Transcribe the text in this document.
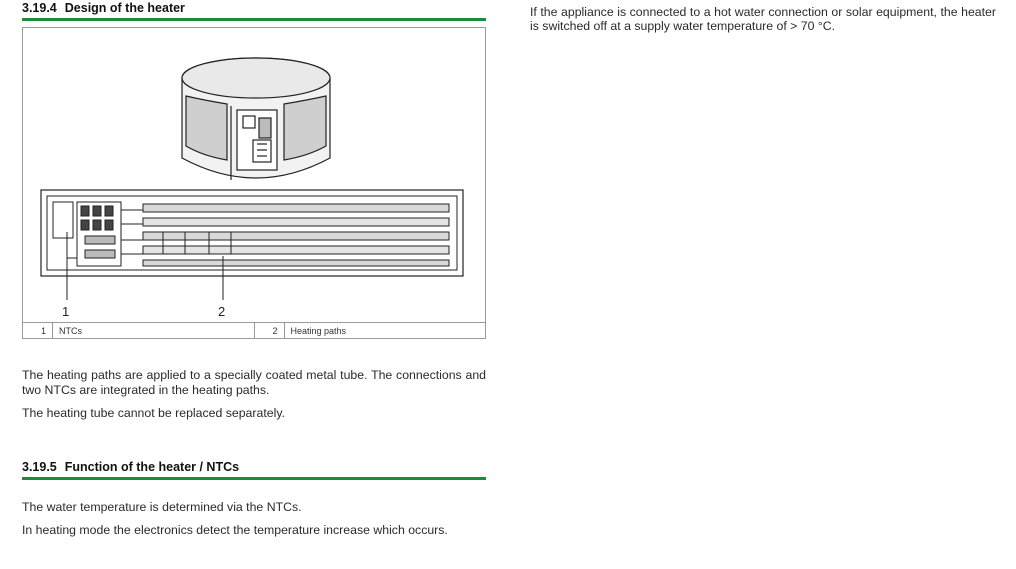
3.19.4 Design of the heater
1	2
1	NTCs	2	Heating paths

The heating paths are applied to a specially coated metal tube. The connections and two NTCs are integrated in the heating paths.

The heating tube cannot be replaced separately.

3.19.5 Function of the heater / NTCs

The water temperature is determined via the NTCs.

In heating mode the electronics detect the temperature increase which occurs.

If the appliance is connected to a hot water connection or solar equipment, the heater is switched off at a supply water temperature of > 70 °C.
